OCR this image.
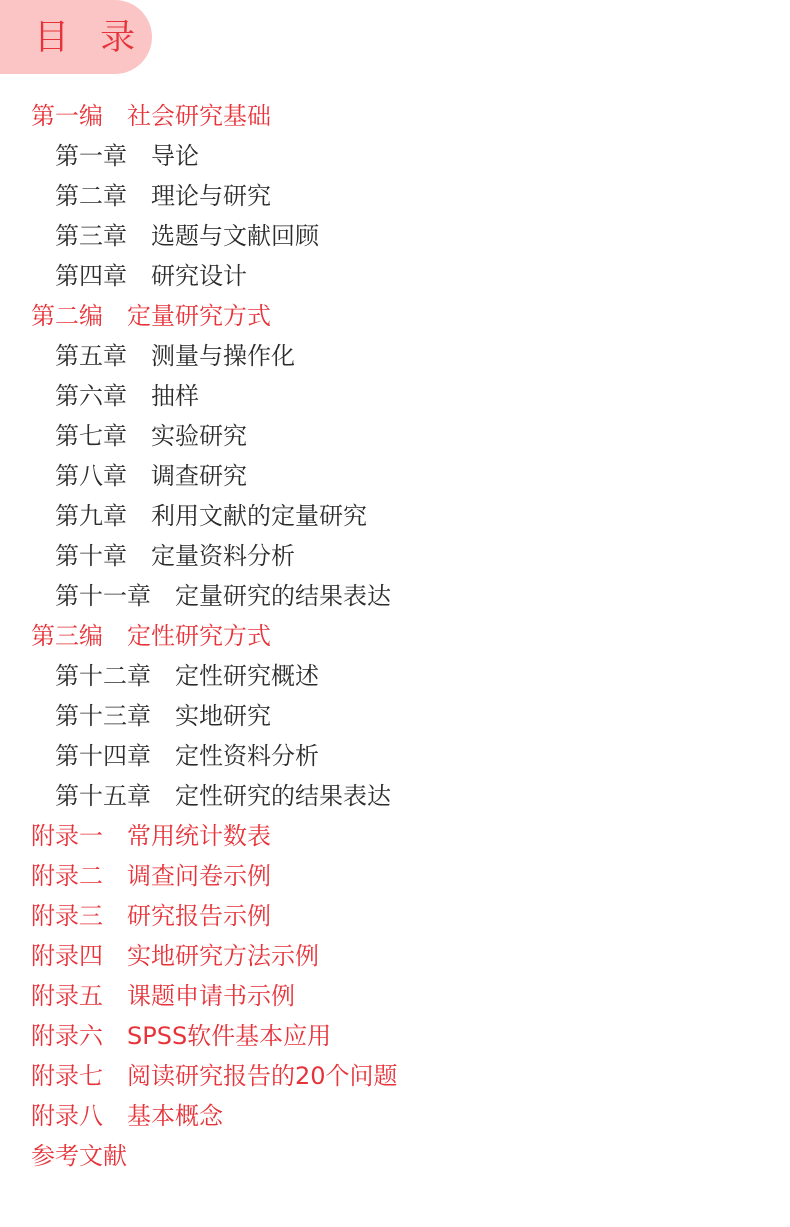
目 录
第一编 社会研究基础
第一章 导论
第二章 理论与研究
第三章 选题与文献回顾
第四章 研究设计
第二编 定量研究方式
第五章 测量与操作化
第六章 抽样
第七章 实验研究
第八章 调查研究
第九章 利用文献的定量研究
第十章 定量资料分析
第十一章 定量研究的结果表达
第三编 定性研究方式
第十二章 定性研究概述
第十三章 实地研究
第十四章 定性资料分析
第十五章 定性研究的结果表达
附录一 常用统计数表
附录二 调查问卷示例
附录三 研究报告示例
附录四 实地研究方法示例
附录五 课题申请书示例
附录六 SPSS软件基本应用
附录七 阅读研究报告的20个问题
附录八 基本概念
参考文献
